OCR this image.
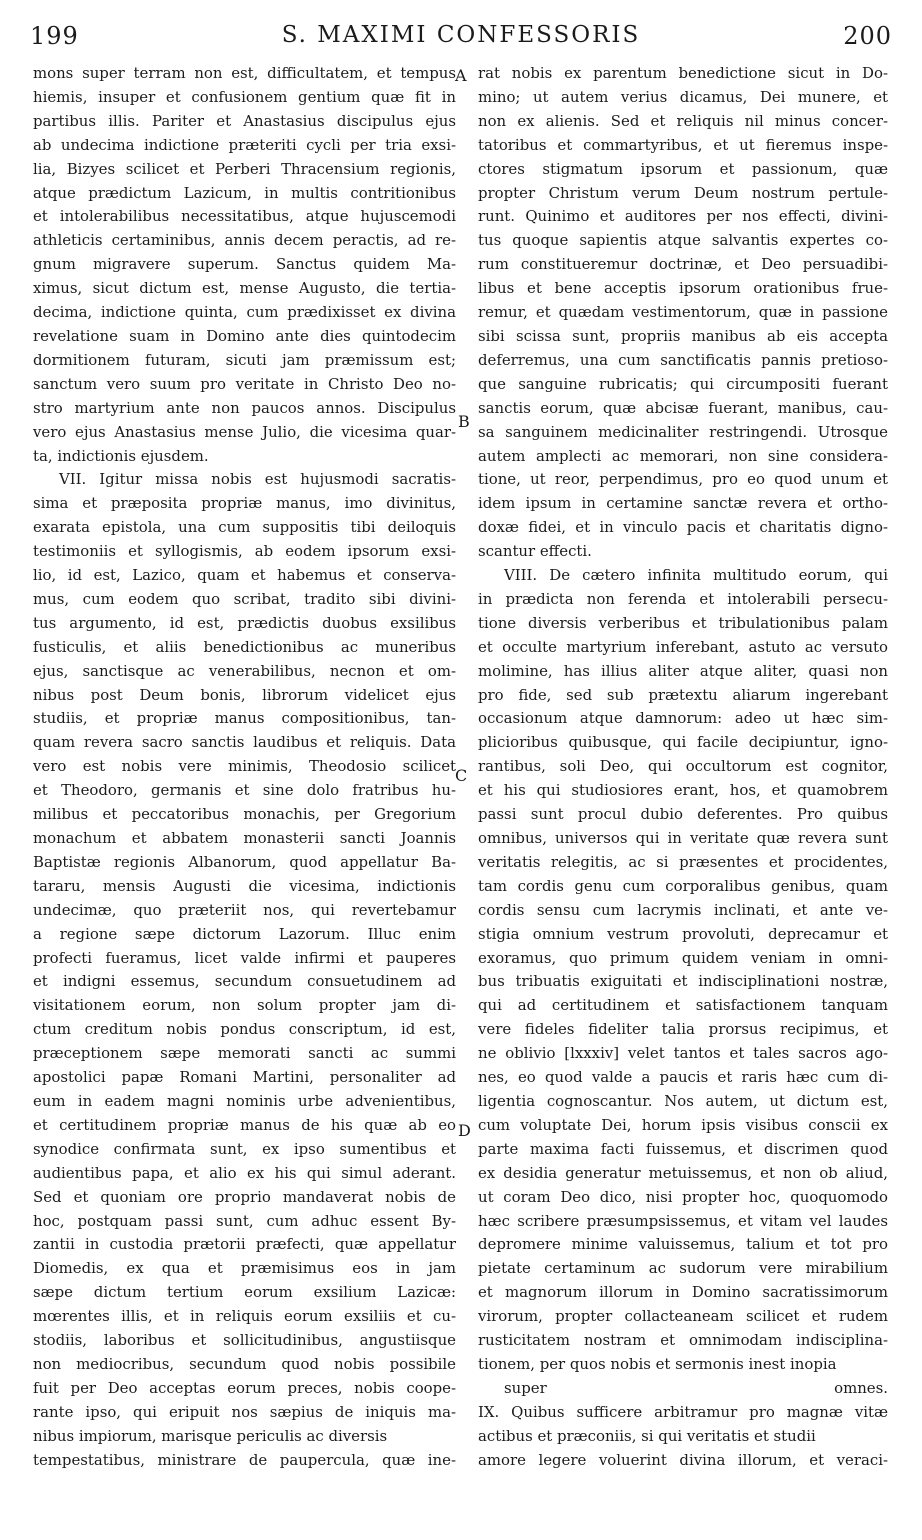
199	S. MAXIMI CONFESSORIS	200
A
B
C
D
mons super terram non est, difficultatem, et tempus
hiemis, insuper et confusionem gentium quæ fit in
partibus illis. Pariter et Anastasius discipulus ejus
ab undecima indictione præteriti cycli per tria exsi-
lia, Bizyes scilicet et Perberi Thracensium regionis,
atque prædictum Lazicum, in multis contritionibus
et intolerabilibus necessitatibus, atque hujuscemodi
athleticis certaminibus, annis decem peractis, ad re-
gnum migravere superum. Sanctus quidem Ma-
ximus, sicut dictum est, mense Augusto, die tertia-
decima, indictione quinta, cum prædixisset ex divina
revelatione suam in Domino ante dies quintodecim
dormitionem futuram, sicuti jam præmissum est;
sanctum vero suum pro veritate in Christo Deo no-
stro martyrium ante non paucos annos. Discipulus
vero ejus Anastasius mense Julio, die vicesima quar-
ta, indictionis ejusdem.
VII. Igitur missa nobis est hujusmodi sacratis-
sima et præposita propriæ manus, imo divinitus,
exarata epistola, una cum suppositis tibi deiloquis
testimoniis et syllogismis, ab eodem ipsorum exsi-
lio, id est, Lazico, quam et habemus et conserva-
mus, cum eodem quo scribat, tradito sibi divini-
tus argumento, id est, prædictis duobus exsilibus
fusticulis, et aliis benedictionibus ac muneribus
ejus, sanctisque ac venerabilibus, necnon et om-
nibus post Deum bonis, librorum videlicet ejus
studiis, et propriæ manus compositionibus, tan-
quam revera sacro sanctis laudibus et reliquis. Data
vero est nobis vere minimis, Theodosio scilicet
et Theodoro, germanis et sine dolo fratribus hu-
milibus et peccatoribus monachis, per Gregorium
monachum et abbatem monasterii sancti Joannis
Baptistæ regionis Albanorum, quod appellatur Ba-
tararu, mensis Augusti die vicesima, indictionis
undecimæ, quo præteriit nos, qui revertebamur
a regione sæpe dictorum Lazorum. Illuc enim
profecti fueramus, licet valde infirmi et pauperes
et indigni essemus, secundum consuetudinem ad
visitationem eorum, non solum propter jam di-
ctum creditum nobis pondus conscriptum, id est,
præceptionem sæpe memorati sancti ac summi
apostolici papæ Romani Martini, personaliter ad
eum in eadem magni nominis urbe advenientibus,
et certitudinem propriæ manus de his quæ ab eo
synodice confirmata sunt, ex ipso sumentibus et
audientibus papa, et alio ex his qui simul aderant.
Sed et quoniam ore proprio mandaverat nobis de
hoc, postquam passi sunt, cum adhuc essent By-
zantii in custodia prætorii præfecti, quæ appellatur
Diomedis, ex qua et præmisimus eos in jam
sæpe dictum tertium eorum exsilium Lazicæ:
mœrentes illis, et in reliquis eorum exsiliis et cu-
stodiis, laboribus et sollicitudinibus, angustiisque
non mediocribus, secundum quod nobis possibile
fuit per Deo acceptas eorum preces, nobis coope-
rante ipso, qui eripuit nos sæpius de iniquis ma-
nibus impiorum, marisque periculis ac diversis
tempestatibus, ministrare de paupercula, quæ ine-
rat nobis ex parentum benedictione sicut in Do-
mino; ut autem verius dicamus, Dei munere, et
non ex alienis. Sed et reliquis nil minus concer-
tatoribus et commartyribus, et ut fieremus inspe-
ctores stigmatum ipsorum et passionum, quæ
propter Christum verum Deum nostrum pertule-
runt. Quinimo et auditores per nos effecti, divini-
tus quoque sapientis atque salvantis expertes co-
rum constitueremur doctrinæ, et Deo persuadibi-
libus et bene acceptis ipsorum orationibus frue-
remur, et quædam vestimentorum, quæ in passione
sibi scissa sunt, propriis manibus ab eis accepta
deferremus, una cum sanctificatis pannis pretioso-
que sanguine rubricatis; qui circumpositi fuerant
sanctis eorum, quæ abcisæ fuerant, manibus, cau-
sa sanguinem medicinaliter restringendi. Utrosque
autem amplecti ac memorari, non sine considera-
tione, ut reor, perpendimus, pro eo quod unum et
idem ipsum in certamine sanctæ revera et ortho-
doxæ fidei, et in vinculo pacis et charitatis digno-
scantur effecti.
VIII. De cætero infinita multitudo eorum, qui
in prædicta non ferenda et intolerabili persecu-
tione diversis verberibus et tribulationibus palam
et occulte martyrium inferebant, astuto ac versuto
molimine, has illius aliter atque aliter, quasi non
pro fide, sed sub prætextu aliarum ingerebant
occasionum atque damnorum: adeo ut hæc sim-
plicioribus quibusque, qui facile decipiuntur, igno-
rantibus, soli Deo, qui occultorum est cognitor,
et his qui studiosiores erant, hos, et quamobrem
passi sunt procul dubio deferentes. Pro quibus
omnibus, universos qui in veritate quæ revera sunt
veritatis relegitis, ac si præsentes et procidentes,
tam cordis genu cum corporalibus genibus, quam
cordis sensu cum lacrymis inclinati, et ante ve-
stigia omnium vestrum provoluti, deprecamur et
exoramus, quo primum quidem veniam in omni-
bus tribuatis exiguitati et indisciplinationi nostræ,
qui ad certitudinem et satisfactionem tanquam
vere fideles fideliter talia prorsus recipimus, et
ne oblivio [lxxxiv] velet tantos et tales sacros ago-
nes, eo quod valde a paucis et raris hæc cum di-
ligentia cognoscantur. Nos autem, ut dictum est,
cum voluptate Dei, horum ipsis visibus conscii ex
parte maxima facti fuissemus, et discrimen quod
ex desidia generatur metuissemus, et non ob aliud,
ut coram Deo dico, nisi propter hoc, quoquomodo
hæc scribere præsumpsissemus, et vitam vel laudes
depromere minime valuissemus, talium et tot pro
pietate certaminum ac sudorum vere mirabilium
et magnorum illorum in Domino sacratissimorum
virorum, propter collacteaneam scilicet et rudem
rusticitatem nostram et omnimodam indisciplina-
tionem, per quos nobis et sermonis inest inopia
super omnes.
IX. Quibus sufficere arbitramur pro magnæ vitæ
actibus et præconiis, si qui veritatis et studii
amore legere voluerint divina illorum, et veraci-
